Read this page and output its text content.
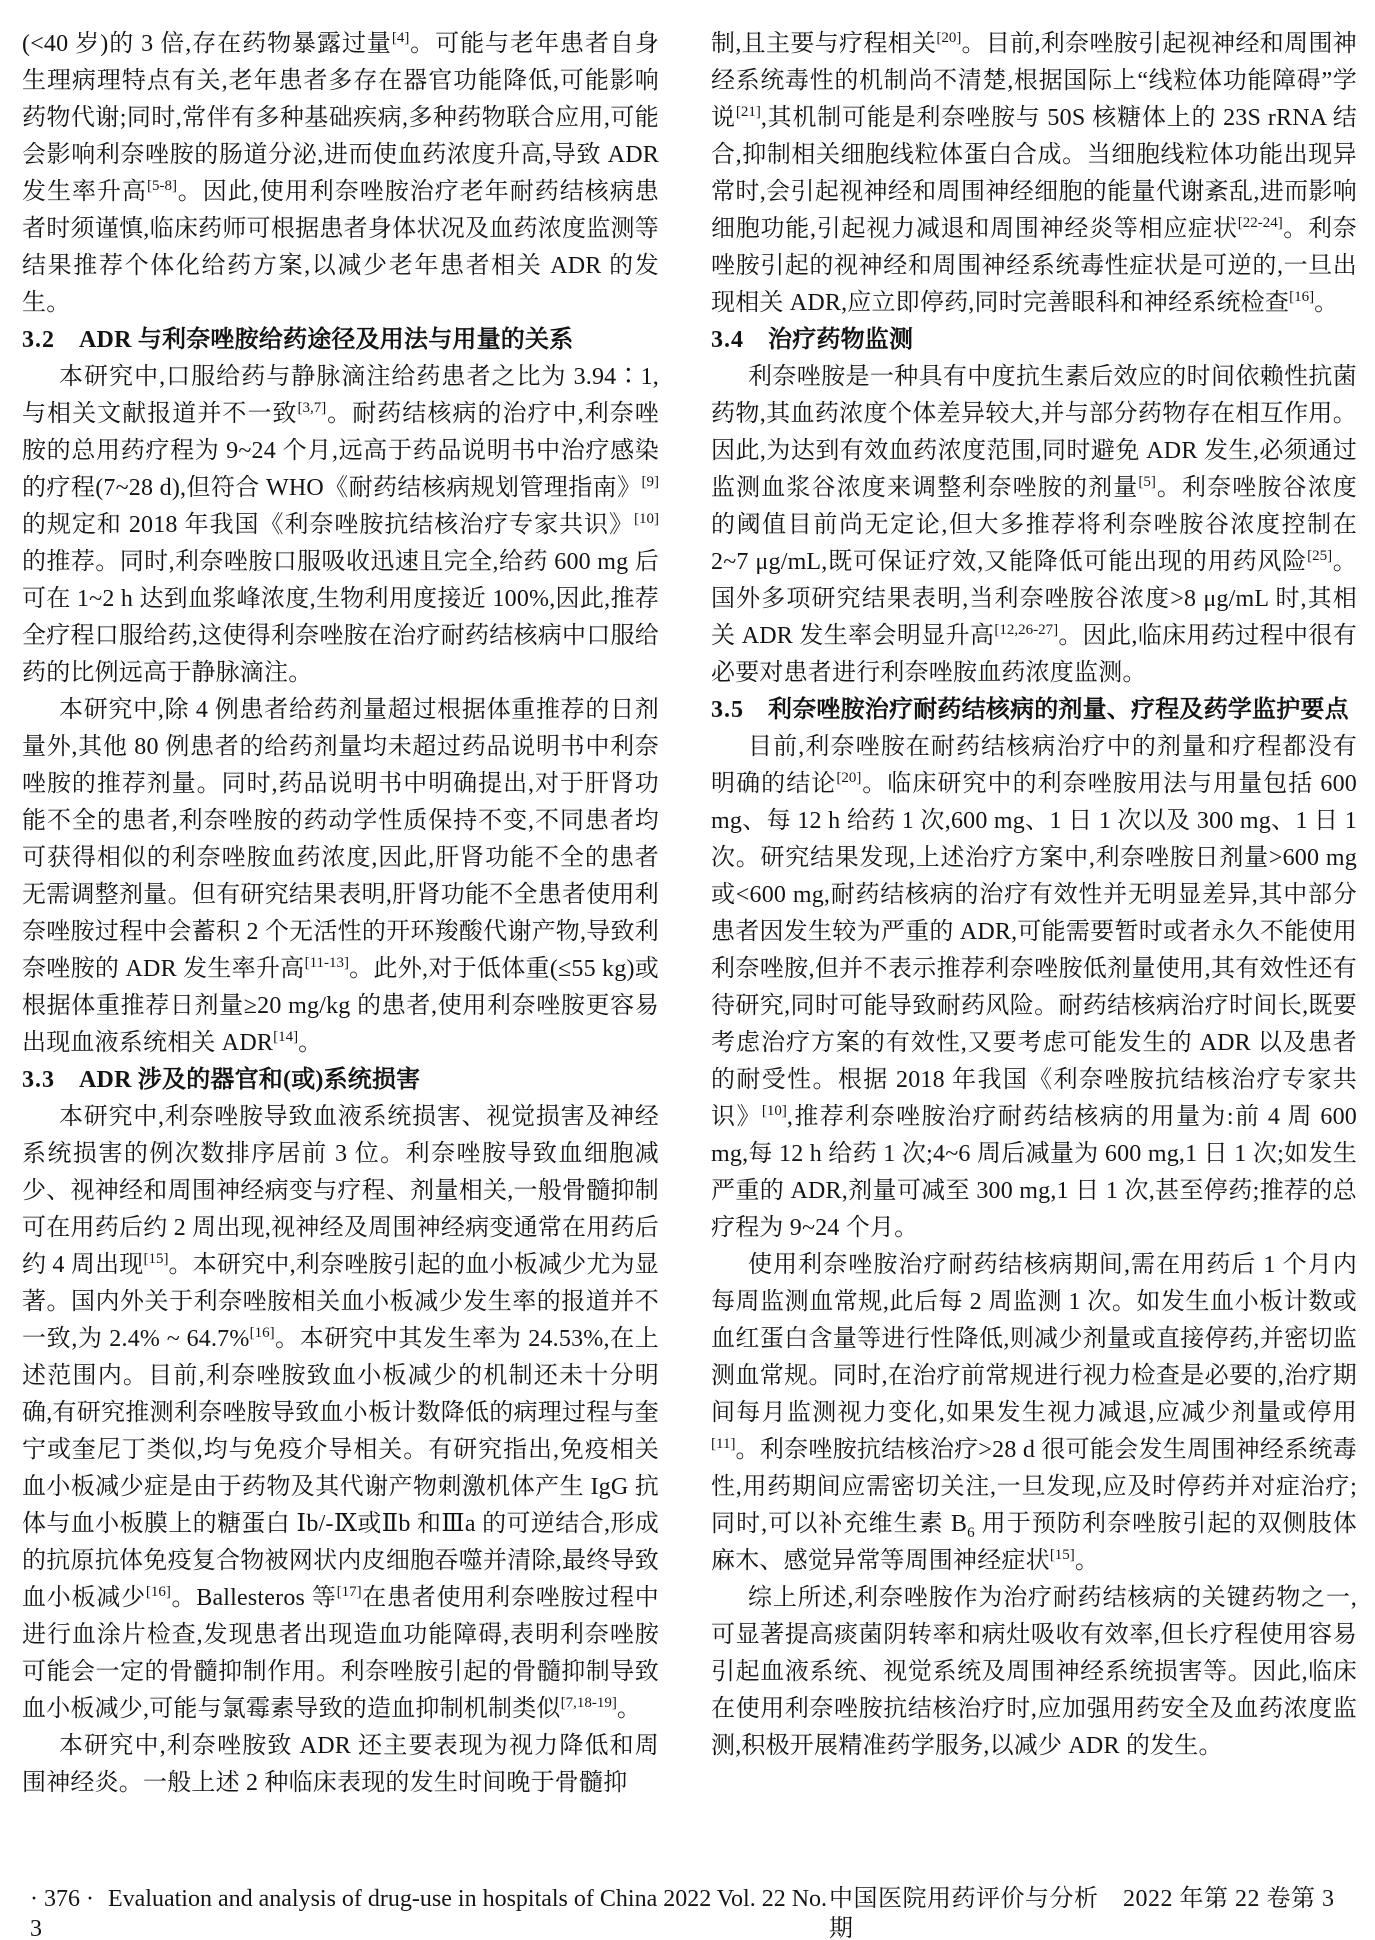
(<40 岁)的 3 倍,存在药物暴露过量[4]。可能与老年患者自身生理病理特点有关,老年患者多存在器官功能降低,可能影响药物代谢;同时,常伴有多种基础疾病,多种药物联合应用,可能会影响利奈唑胺的肠道分泌,进而使血药浓度升高,导致 ADR 发生率升高[5-8]。因此,使用利奈唑胺治疗老年耐药结核病患者时须谨慎,临床药师可根据患者身体状况及血药浓度监测等结果推荐个体化给药方案,以减少老年患者相关 ADR 的发生。

3.2 ADR 与利奈唑胺给药途径及用法与用量的关系

本研究中,口服给药与静脉滴注给药患者之比为 3.94∶1,与相关文献报道并不一致[3,7]。耐药结核病的治疗中,利奈唑胺的总用药疗程为 9~24 个月,远高于药品说明书中治疗感染的疗程(7~28 d),但符合 WHO《耐药结核病规划管理指南》[9]的规定和 2018 年我国《利奈唑胺抗结核治疗专家共识》[10]的推荐。同时,利奈唑胺口服吸收迅速且完全,给药 600 mg 后可在 1~2 h 达到血浆峰浓度,生物利用度接近 100%,因此,推荐全疗程口服给药,这使得利奈唑胺在治疗耐药结核病中口服给药的比例远高于静脉滴注。

本研究中,除 4 例患者给药剂量超过根据体重推荐的日剂量外,其他 80 例患者的给药剂量均未超过药品说明书中利奈唑胺的推荐剂量。同时,药品说明书中明确提出,对于肝肾功能不全的患者,利奈唑胺的药动学性质保持不变,不同患者均可获得相似的利奈唑胺血药浓度,因此,肝肾功能不全的患者无需调整剂量。但有研究结果表明,肝肾功能不全患者使用利奈唑胺过程中会蓄积 2 个无活性的开环羧酸代谢产物,导致利奈唑胺的 ADR 发生率升高[11-13]。此外,对于低体重(≤55 kg)或根据体重推荐日剂量≥20 mg/kg 的患者,使用利奈唑胺更容易出现血液系统相关 ADR[14]。

3.3 ADR 涉及的器官和(或)系统损害

本研究中,利奈唑胺导致血液系统损害、视觉损害及神经系统损害的例次数排序居前 3 位。利奈唑胺导致血细胞减少、视神经和周围神经病变与疗程、剂量相关,一般骨髓抑制可在用药后约 2 周出现,视神经及周围神经病变通常在用药后约 4 周出现[15]。本研究中,利奈唑胺引起的血小板减少尤为显著。国内外关于利奈唑胺相关血小板减少发生率的报道并不一致,为 2.4% ~ 64.7%[16]。本研究中其发生率为 24.53%,在上述范围内。目前,利奈唑胺致血小板减少的机制还未十分明确,有研究推测利奈唑胺导致血小板计数降低的病理过程与奎宁或奎尼丁类似,均与免疫介导相关。有研究指出,免疫相关血小板减少症是由于药物及其代谢产物刺激机体产生 IgG 抗体与血小板膜上的糖蛋白 Ⅰb/-Ⅸ或Ⅱb 和Ⅲa 的可逆结合,形成的抗原抗体免疫复合物被网状内皮细胞吞噬并清除,最终导致血小板减少[16]。Ballesteros 等[17]在患者使用利奈唑胺过程中进行血涂片检查,发现患者出现造血功能障碍,表明利奈唑胺可能会一定的骨髓抑制作用。利奈唑胺引起的骨髓抑制导致血小板减少,可能与氯霉素导致的造血抑制机制类似[7,18-19]。

本研究中,利奈唑胺致 ADR 还主要表现为视力降低和周围神经炎。一般上述 2 种临床表现的发生时间晚于骨髓抑

制,且主要与疗程相关[20]。目前,利奈唑胺引起视神经和周围神经系统毒性的机制尚不清楚,根据国际上“线粒体功能障碍”学说[21],其机制可能是利奈唑胺与 50S 核糖体上的 23S rRNA 结合,抑制相关细胞线粒体蛋白合成。当细胞线粒体功能出现异常时,会引起视神经和周围神经细胞的能量代谢紊乱,进而影响细胞功能,引起视力减退和周围神经炎等相应症状[22-24]。利奈唑胺引起的视神经和周围神经系统毒性症状是可逆的,一旦出现相关 ADR,应立即停药,同时完善眼科和神经系统检查[16]。

3.4 治疗药物监测

利奈唑胺是一种具有中度抗生素后效应的时间依赖性抗菌药物,其血药浓度个体差异较大,并与部分药物存在相互作用。因此,为达到有效血药浓度范围,同时避免 ADR 发生,必须通过监测血浆谷浓度来调整利奈唑胺的剂量[5]。利奈唑胺谷浓度的阈值目前尚无定论,但大多推荐将利奈唑胺谷浓度控制在 2~7 μg/mL,既可保证疗效,又能降低可能出现的用药风险[25]。国外多项研究结果表明,当利奈唑胺谷浓度>8 μg/mL 时,其相关 ADR 发生率会明显升高[12,26-27]。因此,临床用药过程中很有必要对患者进行利奈唑胺血药浓度监测。

3.5 利奈唑胺治疗耐药结核病的剂量、疗程及药学监护要点

目前,利奈唑胺在耐药结核病治疗中的剂量和疗程都没有明确的结论[20]。临床研究中的利奈唑胺用法与用量包括 600 mg、每 12 h 给药 1 次,600 mg、1 日 1 次以及 300 mg、1 日 1 次。研究结果发现,上述治疗方案中,利奈唑胺日剂量>600 mg 或<600 mg,耐药结核病的治疗有效性并无明显差异,其中部分患者因发生较为严重的 ADR,可能需要暂时或者永久不能使用利奈唑胺,但并不表示推荐利奈唑胺低剂量使用,其有效性还有待研究,同时可能导致耐药风险。耐药结核病治疗时间长,既要考虑治疗方案的有效性,又要考虑可能发生的 ADR 以及患者的耐受性。根据 2018 年我国《利奈唑胺抗结核治疗专家共识》[10],推荐利奈唑胺治疗耐药结核病的用量为:前 4 周 600 mg,每 12 h 给药 1 次;4~6 周后减量为 600 mg,1 日 1 次;如发生严重的 ADR,剂量可减至 300 mg,1 日 1 次,甚至停药;推荐的总疗程为 9~24 个月。

使用利奈唑胺治疗耐药结核病期间,需在用药后 1 个月内每周监测血常规,此后每 2 周监测 1 次。如发生血小板计数或血红蛋白含量等进行性降低,则减少剂量或直接停药,并密切监测血常规。同时,在治疗前常规进行视力检查是必要的,治疗期间每月监测视力变化,如果发生视力减退,应减少剂量或停用[11]。利奈唑胺抗结核治疗>28 d 很可能会发生周围神经系统毒性,用药期间应需密切关注,一旦发现,应及时停药并对症治疗;同时,可以补充维生素 $B_6$ 用于预防利奈唑胺引起的双侧肢体麻木、感觉异常等周围神经症状[15]。

综上所述,利奈唑胺作为治疗耐药结核病的关键药物之一,可显著提高痰菌阴转率和病灶吸收有效率,但长疗程使用容易引起血液系统、视觉系统及周围神经系统损害等。因此,临床在使用利奈唑胺抗结核治疗时,应加强用药安全及血药浓度监测,积极开展精准药学服务,以减少 ADR 的发生。

· 376 · Evaluation and analysis of drug-use in hospitals of China 2022 Vol. 22 No. 3
中国医院用药评价与分析　2022 年第 22 卷第 3 期
